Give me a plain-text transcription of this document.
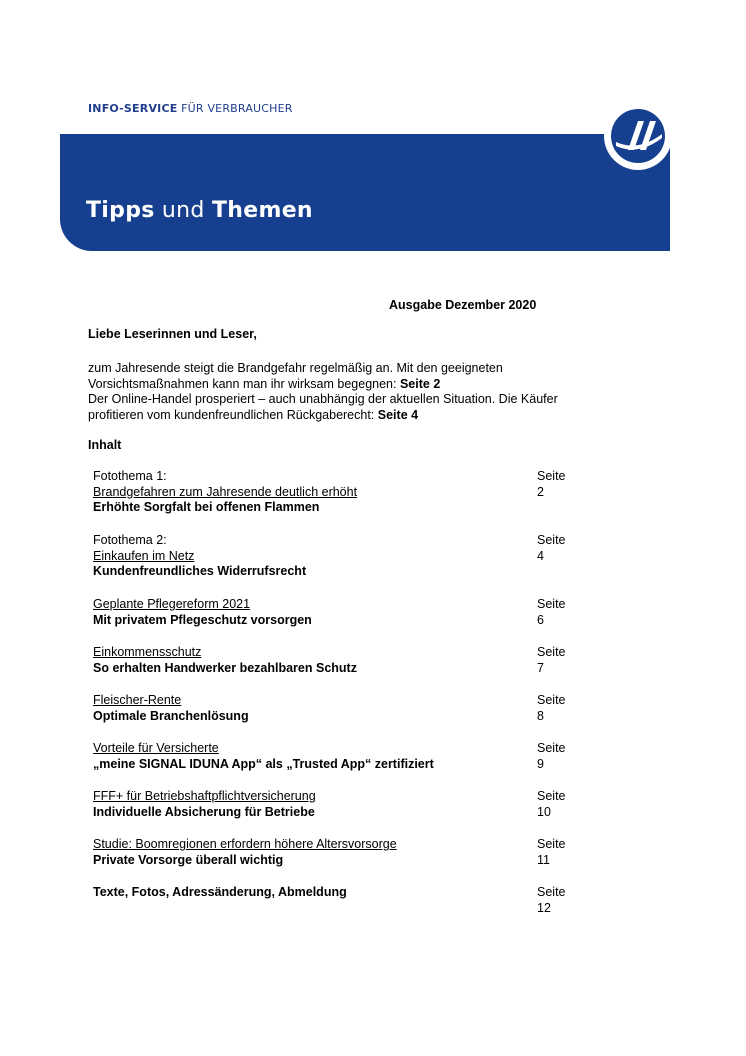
INFO-SERVICE FÜR VERBRAUCHER
Tipps und Themen
Ausgabe Dezember 2020
Liebe Leserinnen und Leser,
zum Jahresende steigt die Brandgefahr regelmäßig an. Mit den geeigneten
Vorsichtsmaßnahmen kann man ihr wirksam begegnen: Seite 2
Der Online-Handel prosperiert – auch unabhängig der aktuellen Situation. Die Käufer
profitieren vom kundenfreundlichen Rückgaberecht: Seite 4
Inhalt
Fotothema 1:
Brandgefahren zum Jahresende deutlich erhöht
Erhöhte Sorgfalt bei offenen Flammen
Seite 2
Fotothema 2:
Einkaufen im Netz
Kundenfreundliches Widerrufsrecht
Seite 4
Geplante Pflegereform 2021
Mit privatem Pflegeschutz vorsorgen
Seite 6
Einkommensschutz
So erhalten Handwerker bezahlbaren Schutz
Seite 7
Fleischer-Rente
Optimale Branchenlösung
Seite 8
Vorteile für Versicherte
„meine SIGNAL IDUNA App“ als „Trusted App“ zertifiziert
Seite 9
FFF+ für Betriebshaftpflichtversicherung
Individuelle Absicherung für Betriebe
Seite 10
Studie: Boomregionen erfordern höhere Altersvorsorge
Private Vorsorge überall wichtig
Seite 11
Texte, Fotos, Adressänderung, Abmeldung	Seite 12
